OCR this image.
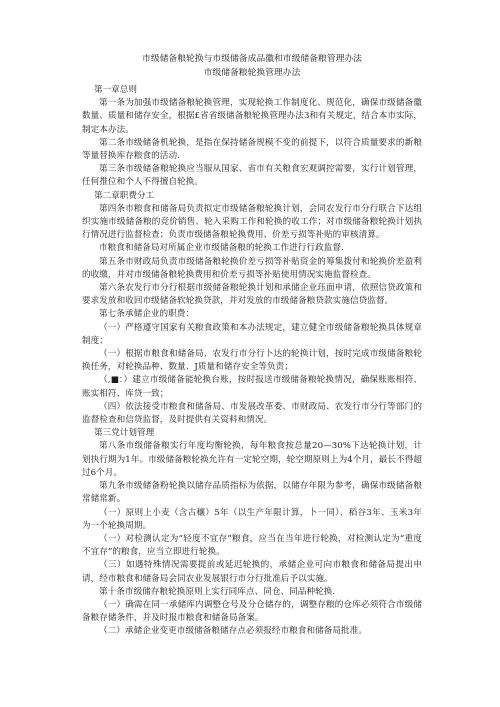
市级储备粮轮换与市级储备成品徽和市级储备粮管理办法

市级储备粮轮换管理办法

第一章总则

第一条为加强市级储备粮轮换管理，实现轮换工作制度化、规范化，确保市级储备徽数量、质量和储存安全，根据£省省级储备粮轮换管理办法3和有关规定，结合本市实际，制定本办法。

第二条市级储备机轮换，是指在保持储备规模不变的前提下，以符合质量要求的新粮等量替换库存粮食的活动.

第三条市级储备粮轮换应当服从国家、省市有关粮食宏观调控需要，实行计划管理，任何推位和个人不得擅自轮换。

第二章职费分工

第四条市粮食和储备局负责拟定市级储备粮轮换计划，会同农发行市分行联合下达组织实施市级储备粮的竞价销售、轮入采购工作和轮换的收工作；对市级储备粮轮换计划执行情况进行监督检查；负责市级储备粮轮换费用、价差亏损等补贴的审核清算。

市粮食和储备局对所属企业市级储备粮的轮换工作进行行政监督.

第五条市财政局负责市级储备粮轮换价差亏损等补贴资金的筹集拨付和轮换价差盈利的收缴，并对市级储备粮轮换费用和价差亏损等补贴使用情况实施监督检查。

第六条农发行市分行根据市级储备粮轮换计划和承储企业珏面申请，依照信贷政策和要求发放和收回市级储备软轮换贷款，并对发放的市级储备粮贷款实施信贷监督。

第七条承储企业的职费：

（一）严格遵守国家有关粮食政策和本办法规定，建立健全市级储备粮轮换具体规章制度；

（一）根据市粮食和储备局、农发行市分行卜达的轮换计划，按时完成市级储备粮轮换任务，对轮换品种、数量、J质量和储存安全等负责；

（,■：）建立市级储备能轮换台账，按时报送市级储备粮轮换情况，确保账账相符、账实相符、库贷一致；

（四）依法接受市粮食和储备局、市发展改革委、市财政局、农发行市分行等部门的监督检查和信贷监督，及时提供有关资料和情况。

第三党计划管理

第八条市级储备粮实行年度均衡轮换，每年粮食按总量20—30%下达轮换计划，计划执行期为1年。市级储备粮轮换允许有一定轮空期，轮空期原则上为4个月，最长不得超过6个月。

第九条市级储备粉轮换以储存品质指标为依据，以储存年限为参考，确保市级储备粮常储常新。

（一）原则上小麦（含古穰）5年（以生产年限计算，卜一同）、稻谷3年、玉米3年为一个轮换周期。

（一）对检测认定为“轻度不宜存”粮食，应当在当年进行轮换，对检测认定为“重度不宜存”的粮食，应当立即进行轮换。

（三）如遇特殊情况需要提前或延迟轮换的，承储企业可向市粮食和储备局提出申请，经市粮食和储备局会同农业发展银行市分行批准后予以实施。

第十条市级储存粮轮换原则上实行同库点、同仓、同品种轮换.

（一）确需在同一承储库内调整仓号及分仓储存的，调整存粮的仓库必须符合市级储备粮存储条件，并及时报市粮食和储备局备案。

（二）承储企业变更市级储备粮储存点必须报经市粮食和储备局批准。
